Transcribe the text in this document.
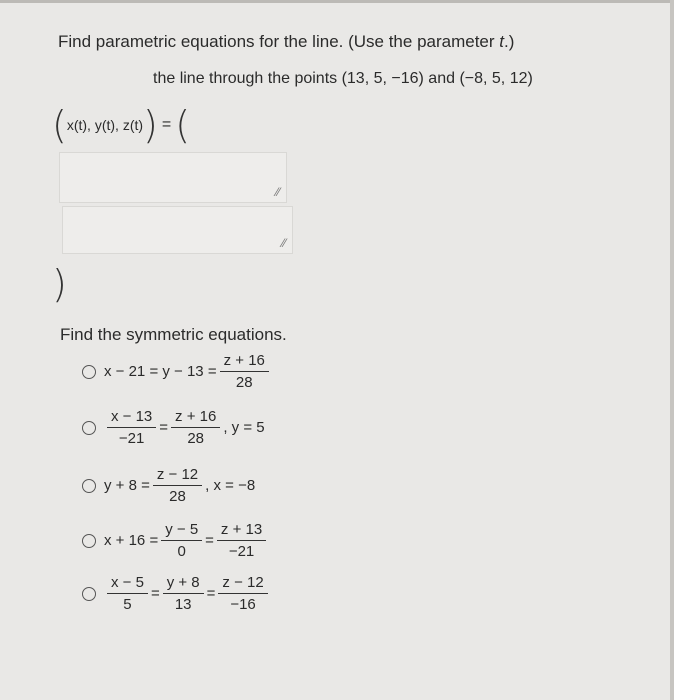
Find parametric equations for the line. (Use the parameter t.)
the line through the points (13, 5, −16) and (−8, 5, 12)
( x(t), y(t), z(t) ) = (
⁄⁄
⁄⁄
)
Find the symmetric equations.
$x - 21 = y - 13 = \frac{z + 16}{28}$
$\frac{x - 13}{-21} = \frac{z + 16}{28}$ , y = 5
$y + 8 = \frac{z - 12}{28}$ , x = −8
$x + 16 = \frac{y - 5}{0} = \frac{z + 13}{-21}$
$\frac{x - 5}{5} = \frac{y + 8}{13} = \frac{z - 12}{-16}$
